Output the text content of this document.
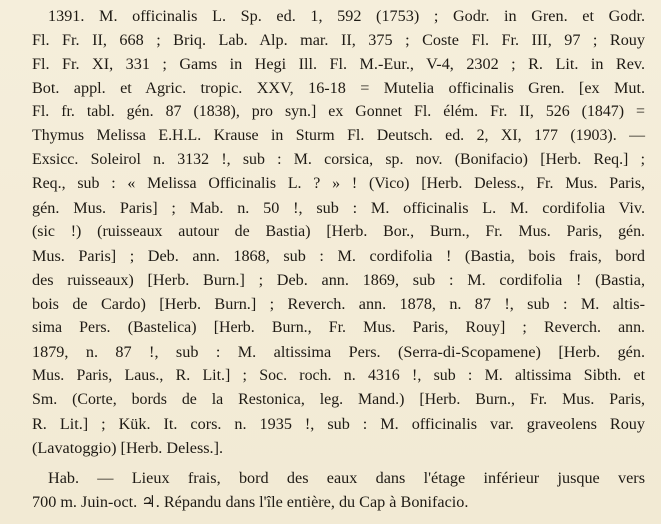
1391. M. officinalis L. Sp. ed. 1, 592 (1753) ; Godr. in Gren. et Godr.
Fl. Fr. II, 668 ; Briq. Lab. Alp. mar. II, 375 ; Coste Fl. Fr. III, 97 ; Rouy
Fl. Fr. XI, 331 ; Gams in Hegi Ill. Fl. M.-Eur., V-4, 2302 ; R. Lit. in Rev.
Bot. appl. et Agric. tropic. XXV, 16-18 = Mutelia officinalis Gren. [ex Mut.
Fl. fr. tabl. gén. 87 (1838), pro syn.] ex Gonnet Fl. élém. Fr. II, 526 (1847) =
Thymus Melissa E.H.L. Krause in Sturm Fl. Deutsch. ed. 2, XI, 177 (1903). —
Exsicc. Soleirol n. 3132 !, sub : M. corsica, sp. nov. (Bonifacio) [Herb. Req.] ;
Req., sub : « Melissa Officinalis L. ? » ! (Vico) [Herb. Deless., Fr. Mus. Paris,
gén. Mus. Paris] ; Mab. n. 50 !, sub : M. officinalis L. M. cordifolia Viv.
(sic !) (ruisseaux autour de Bastia) [Herb. Bor., Burn., Fr. Mus. Paris, gén.
Mus. Paris] ; Deb. ann. 1868, sub : M. cordifolia ! (Bastia, bois frais, bord
des ruisseaux) [Herb. Burn.] ; Deb. ann. 1869, sub : M. cordifolia ! (Bastia,
bois de Cardo) [Herb. Burn.] ; Reverch. ann. 1878, n. 87 !, sub : M. altis-
sima Pers. (Bastelica) [Herb. Burn., Fr. Mus. Paris, Rouy] ; Reverch. ann.
1879, n. 87 !, sub : M. altissima Pers. (Serra-di-Scopamene) [Herb. gén.
Mus. Paris, Laus., R. Lit.] ; Soc. roch. n. 4316 !, sub : M. altissima Sibth. et
Sm. (Corte, bords de la Restonica, leg. Mand.) [Herb. Burn., Fr. Mus. Paris,
R. Lit.] ; Kük. It. cors. n. 1935 !, sub : M. officinalis var. graveolens Rouy
(Lavatoggio) [Herb. Deless.].
Hab. — Lieux frais, bord des eaux dans l'étage inférieur jusque vers
700 m. Juin-oct. ♃. Répandu dans l'île entière, du Cap à Bonifacio.
